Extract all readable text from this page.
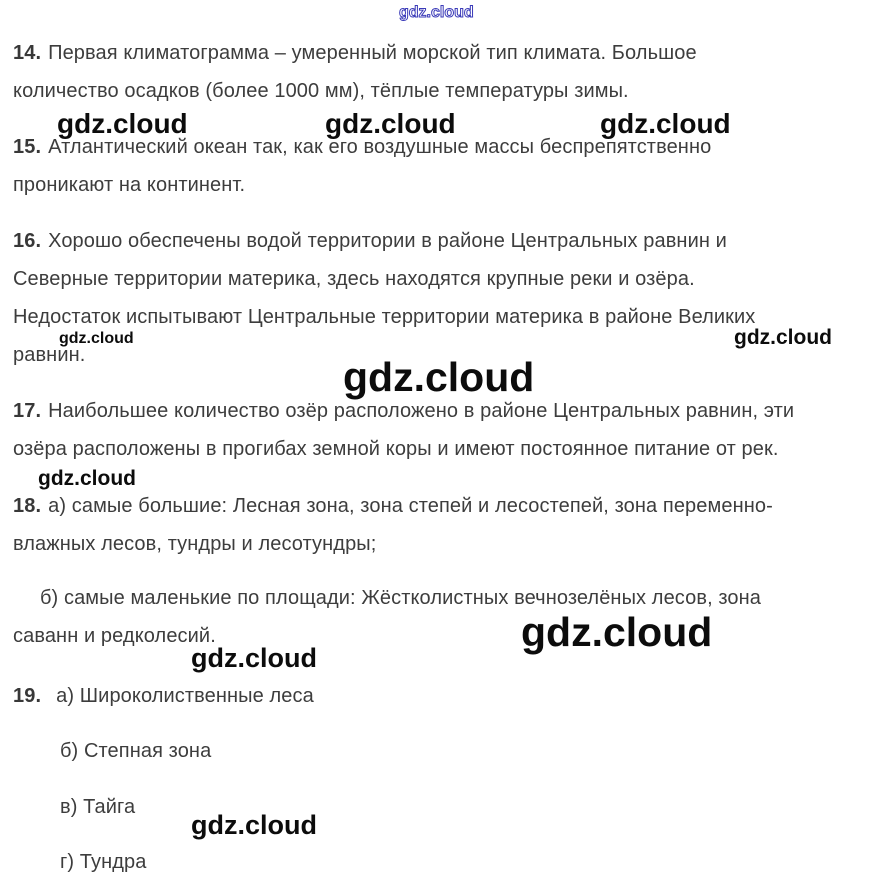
gdz.cloud
gdz.cloud	gdz.cloud	gdz.cloud
gdz.cloud	gdz.cloud
gdz.cloud
gdz.cloud
gdz.cloud
gdz.cloud
gdz.cloud
14. Первая климатограмма – умеренный морской тип климата. Большое
количество осадков (более 1000 мм), тёплые температуры зимы.
15. Атлантический океан так, как его воздушные массы беспрепятственно
проникают на континент.
16. Хорошо обеспечены водой территории в районе Центральных равнин и
Северные территории материка, здесь находятся крупные реки и озёра.
Недостаток испытывают Центральные территории материка в районе Великих
равнин.
17. Наибольшее количество озёр расположено в районе Центральных равнин, эти
озёра расположены в прогибах земной коры и имеют постоянное питание от рек.
18. а) самые большие: Лесная зона, зона степей и лесостепей, зона переменно-
влажных лесов, тундры и лесотундры;
б) самые маленькие по площади: Жёстколистных вечнозелёных лесов, зона
саванн и редколесий.
19. а) Широколиственные леса
б) Степная зона
в) Тайга
г) Тундра
